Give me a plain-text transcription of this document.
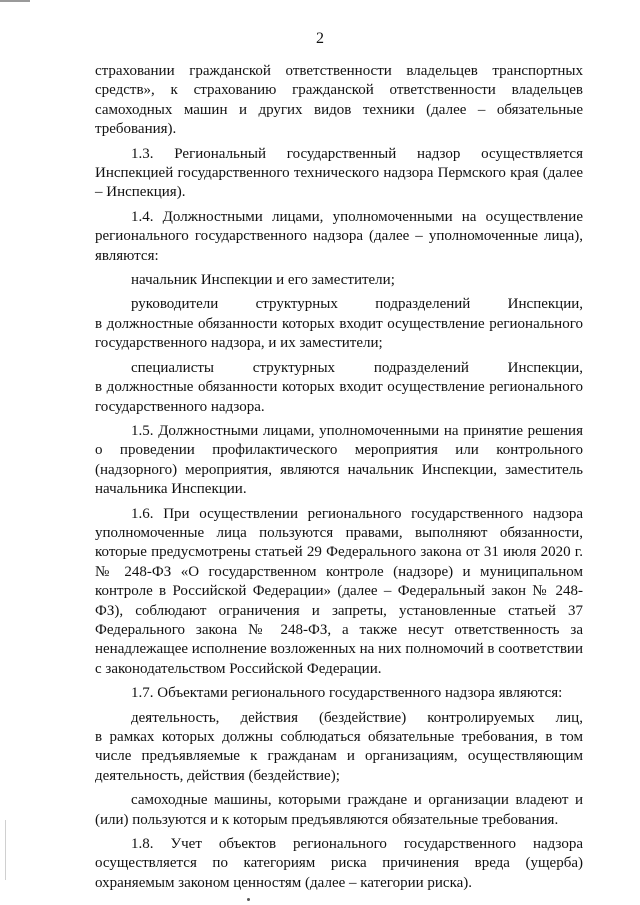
2

страховании гражданской ответственности владельцев транспортных средств», к страхованию гражданской ответственности владельцев самоходных машин и других видов техники (далее – обязательные требования).

1.3. Региональный государственный надзор осуществляется Инспекцией государственного технического надзора Пермского края (далее – Инспекция).

1.4. Должностными лицами, уполномоченными на осуществление регионального государственного надзора (далее – уполномоченные лица), являются:

начальник Инспекции и его заместители;

руководители структурных подразделений Инспекции,

в должностные обязанности которых входит осуществление регионального государственного надзора, и их заместители;

специалисты	структурных	подразделений	Инспекции,

в должностные обязанности которых входит осуществление регионального государственного надзора.

1.5. Должностными лицами, уполномоченными на принятие решения о проведении профилактического мероприятия или контрольного (надзорного) мероприятия, являются начальник Инспекции, заместитель начальника Инспекции.

1.6. При осуществлении регионального государственного надзора уполномоченные лица пользуются правами, выполняют обязанности, которые предусмотрены статьей 29 Федерального закона от 31 июля 2020 г. № 248-ФЗ «О государственном контроле (надзоре) и муниципальном контроле в Российской Федерации» (далее – Федеральный закон № 248-ФЗ), соблюдают ограничения и запреты, установленные статьей 37 Федерального закона № 248-ФЗ, а также несут ответственность за ненадлежащее исполнение возложенных на них полномочий в соответствии с законодательством Российской Федерации.

1.7. Объектами регионального государственного надзора являются:

деятельность, действия (бездействие) контролируемых лиц,

в рамках которых должны соблюдаться обязательные требования, в том числе предъявляемые к гражданам и организациям, осуществляющим деятельность, действия (бездействие);

самоходные машины, которыми граждане и организации владеют и (или) пользуются и к которым предъявляются обязательные требования.

1.8. Учет объектов регионального государственного надзора осуществляется по категориям риска причинения вреда (ущерба) охраняемым законом ценностям (далее – категории риска).
